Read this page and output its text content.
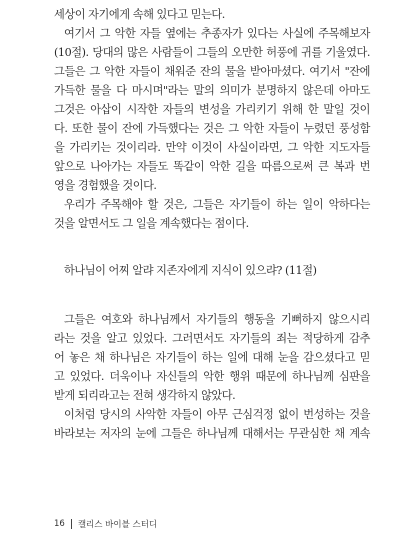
세상이 자기에게 속해 있다고 믿는다.
여기서 그 악한 자들 옆에는 추종자가 있다는 사실에 주목해보자
(10절). 당대의 많은 사람들이 그들의 오만한 허풍에 귀를 기울였다.
그들은 그 악한 자들이 채워준 잔의 물을 받아마셨다. 여기서 "잔에
가득한 물을 다 마시며"라는 말의 의미가 분명하지 않은데 아마도
그것은 아삽이 시작한 자들의 변성을 가리키기 위해 한 말일 것이
다. 또한 물이 잔에 가득했다는 것은 그 악한 자들이 누렸던 풍성함
을 가리키는 것이리라. 만약 이것이 사실이라면, 그 악한 지도자들
앞으로 나아가는 자들도 똑같이 악한 길을 따름으로써 큰 복과 번
영을 경험했을 것이다.
우리가 주목해야 할 것은, 그들은 자기들이 하는 일이 악하다는
것을 알면서도 그 일을 계속했다는 점이다.
하나님이 어찌 알랴 지존자에게 지식이 있으랴? (11절)
그들은 여호와 하나님께서 자기들의 행동을 기뻐하지 않으시리
라는 것을 알고 있었다. 그러면서도 자기들의 죄는 적당하게 감추
어 놓은 채 하나님은 자기들이 하는 일에 대해 눈을 감으셨다고 믿
고 있었다. 더욱이나 자신들의 악한 행위 때문에 하나님께 심판을
받게 되리라고는 전혀 생각하지 않았다.
이처럼 당시의 사악한 자들이 아무 근심걱정 없이 번성하는 것을
바라보는 저자의 눈에 그들은 하나님께 대해서는 무관심한 채 계속
16 캘리스 바이블 스터디
